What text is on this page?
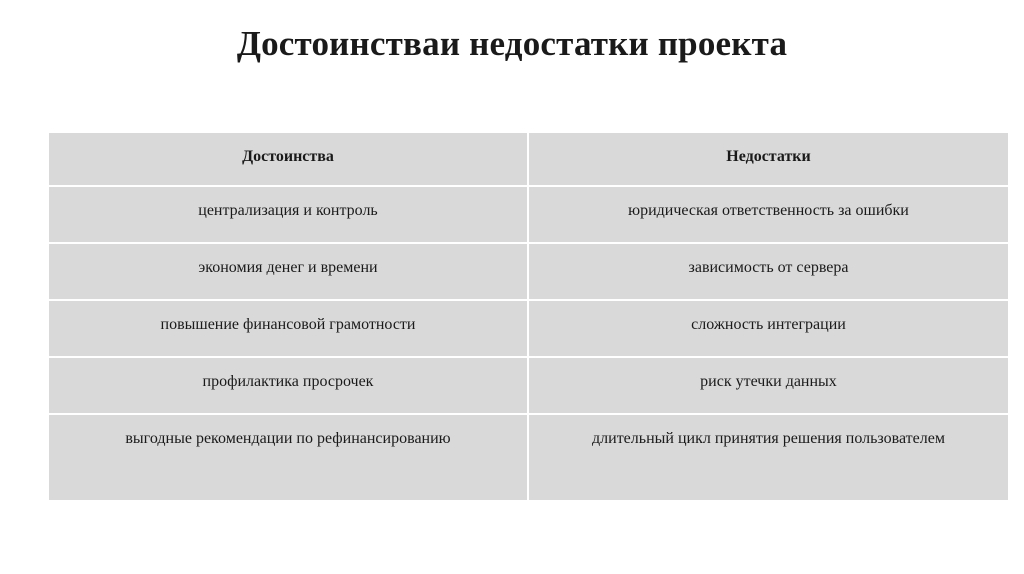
Достоинстваи недостатки проекта
Достоинства	Недостатки
централизация и контроль	юридическая ответственность за ошибки
экономия денег и времени	зависимость от сервера
повышение финансовой грамотности	сложность интеграции
профилактика просрочек	риск утечки данных
выгодные рекомендации по рефинансированию	длительный цикл принятия решения пользователем
